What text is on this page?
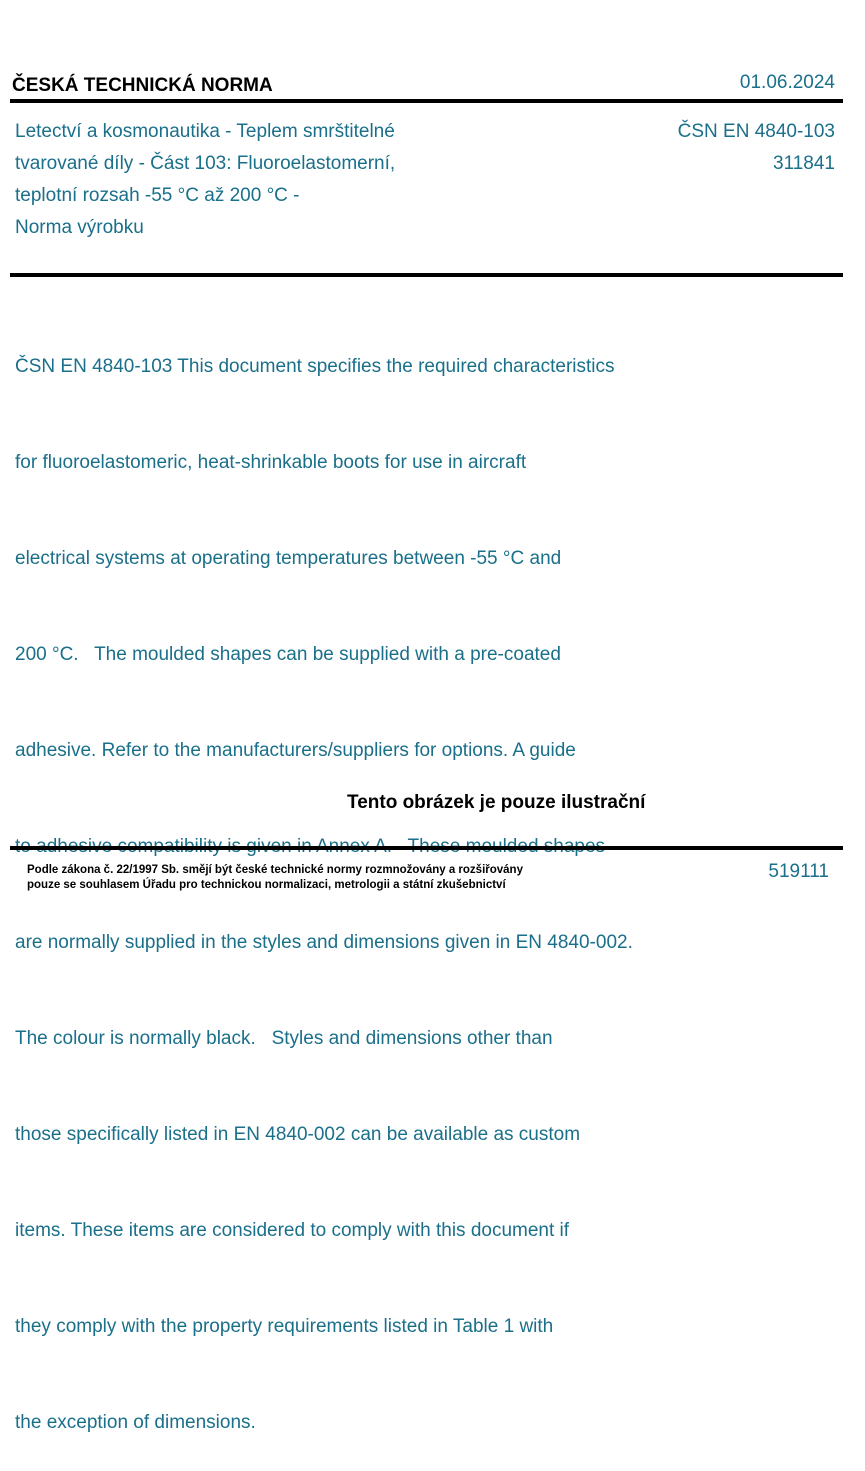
ČESKÁ TECHNICKÁ NORMA	01.06.2024
Letectví a kosmonautika - Teplem smrštitelné
tvarované díly - Část 103: Fluoroelastomerní,
teplotní rozsah -55 °C až 200 °C -
Norma výrobku
ČSN EN 4840-103
311841

ČSN EN 4840-103 This document specifies the required characteristics

for fluoroelastomeric, heat-shrinkable boots for use in aircraft

electrical systems at operating temperatures between -55 °C and

200 °C.   The moulded shapes can be supplied with a pre-coated

adhesive. Refer to the manufacturers/suppliers for options. A guide

are normally supplied in the styles and dimensions given in EN 4840-002.

The colour is normally black.   Styles and dimensions other than

those specifically listed in EN 4840-002 can be available as custom

items. These items are considered to comply with this document if

they comply with the property requirements listed in Table 1 with

the exception of dimensions.

Tento obrázek je pouze ilustrační
Podle zákona č. 22/1997 Sb. smějí být české technické normy rozmnožovány a rozšiřovány
pouze se souhlasem Úřadu pro technickou normalizaci, metrologii a státní zkušebnictví
519111
